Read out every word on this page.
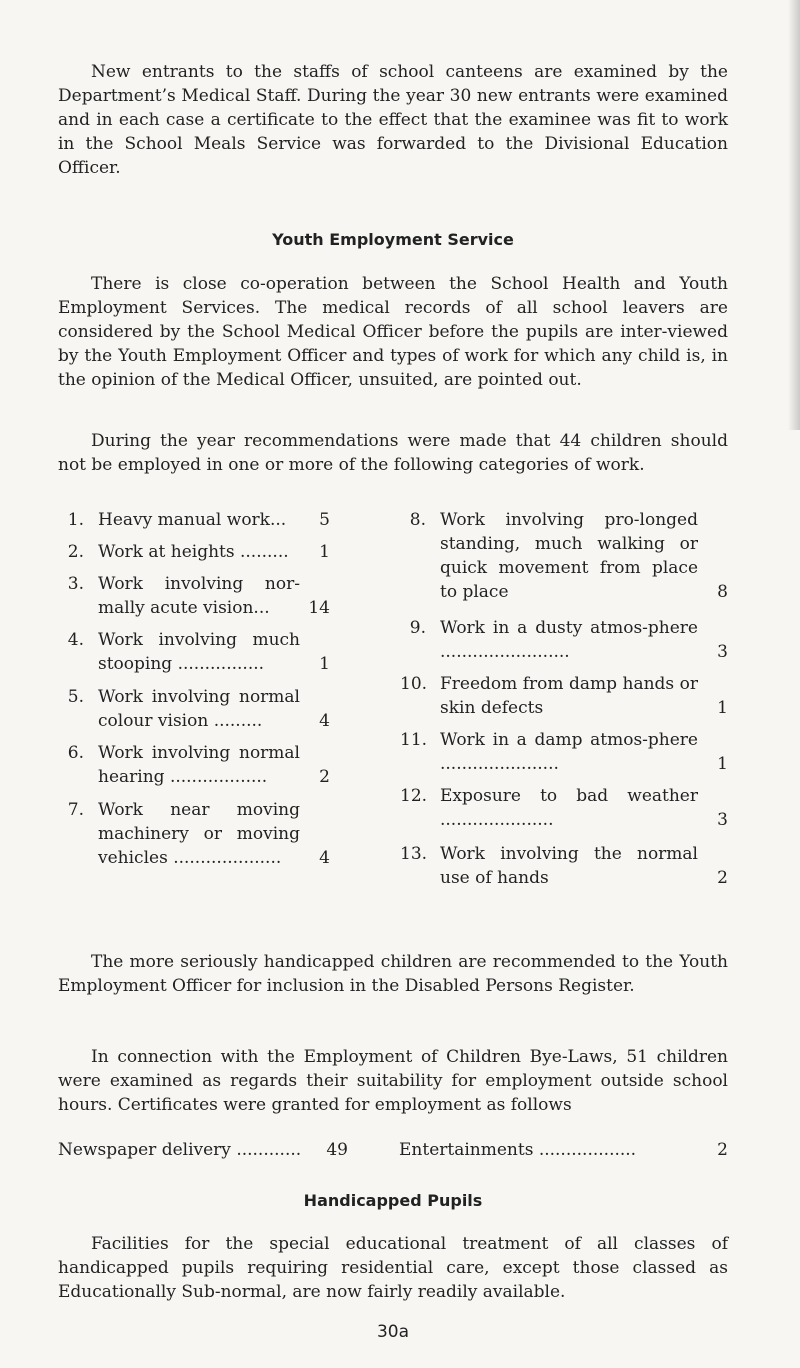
New entrants to the staffs of school canteens are examined by the Department’s Medical Staff. During the year 30 new entrants were examined and in each case a certificate to the effect that the examinee was fit to work in the School Meals Service was forwarded to the Divisional Education Officer.

Youth Employment Service

There is close co-operation between the School Health and Youth Employment Services. The medical records of all school leavers are considered by the School Medical Officer before the pupils are inter-viewed by the Youth Employment Officer and types of work for which any child is, in the opinion of the Medical Officer, unsuited, are pointed out.

During the year recommendations were made that 44 children should not be employed in one or more of the following categories of work.

1. Heavy manual work...	5
2. Work at heights .........	1
3. Work involving nor-mally acute vision...	14
4. Work involving much stooping ................	1
5. Work involving normal colour vision .........	4
6. Work involving normal hearing ..................	2
7. Work near moving machinery or moving vehicles ....................	4
8. Work involving pro-longed standing, much walking or quick movement from place to place	8
9. Work in a dusty atmos-phere ........................	3
10. Freedom from damp hands or skin defects	1
11. Work in a damp atmos-phere ......................	1
12. Exposure to bad weather .....................	3
13. Work involving the normal use of hands	2

The more seriously handicapped children are recommended to the Youth Employment Officer for inclusion in the Disabled Persons Register.

In connection with the Employment of Children Bye-Laws, 51 children were examined as regards their suitability for employment outside school hours. Certificates were granted for employment as follows

Newspaper delivery ............	49	Entertainments ..................	2
Handicapped Pupils

Facilities for the special educational treatment of all classes of handicapped pupils requiring residential care, except those classed as Educationally Sub-normal, are now fairly readily available.

30a
